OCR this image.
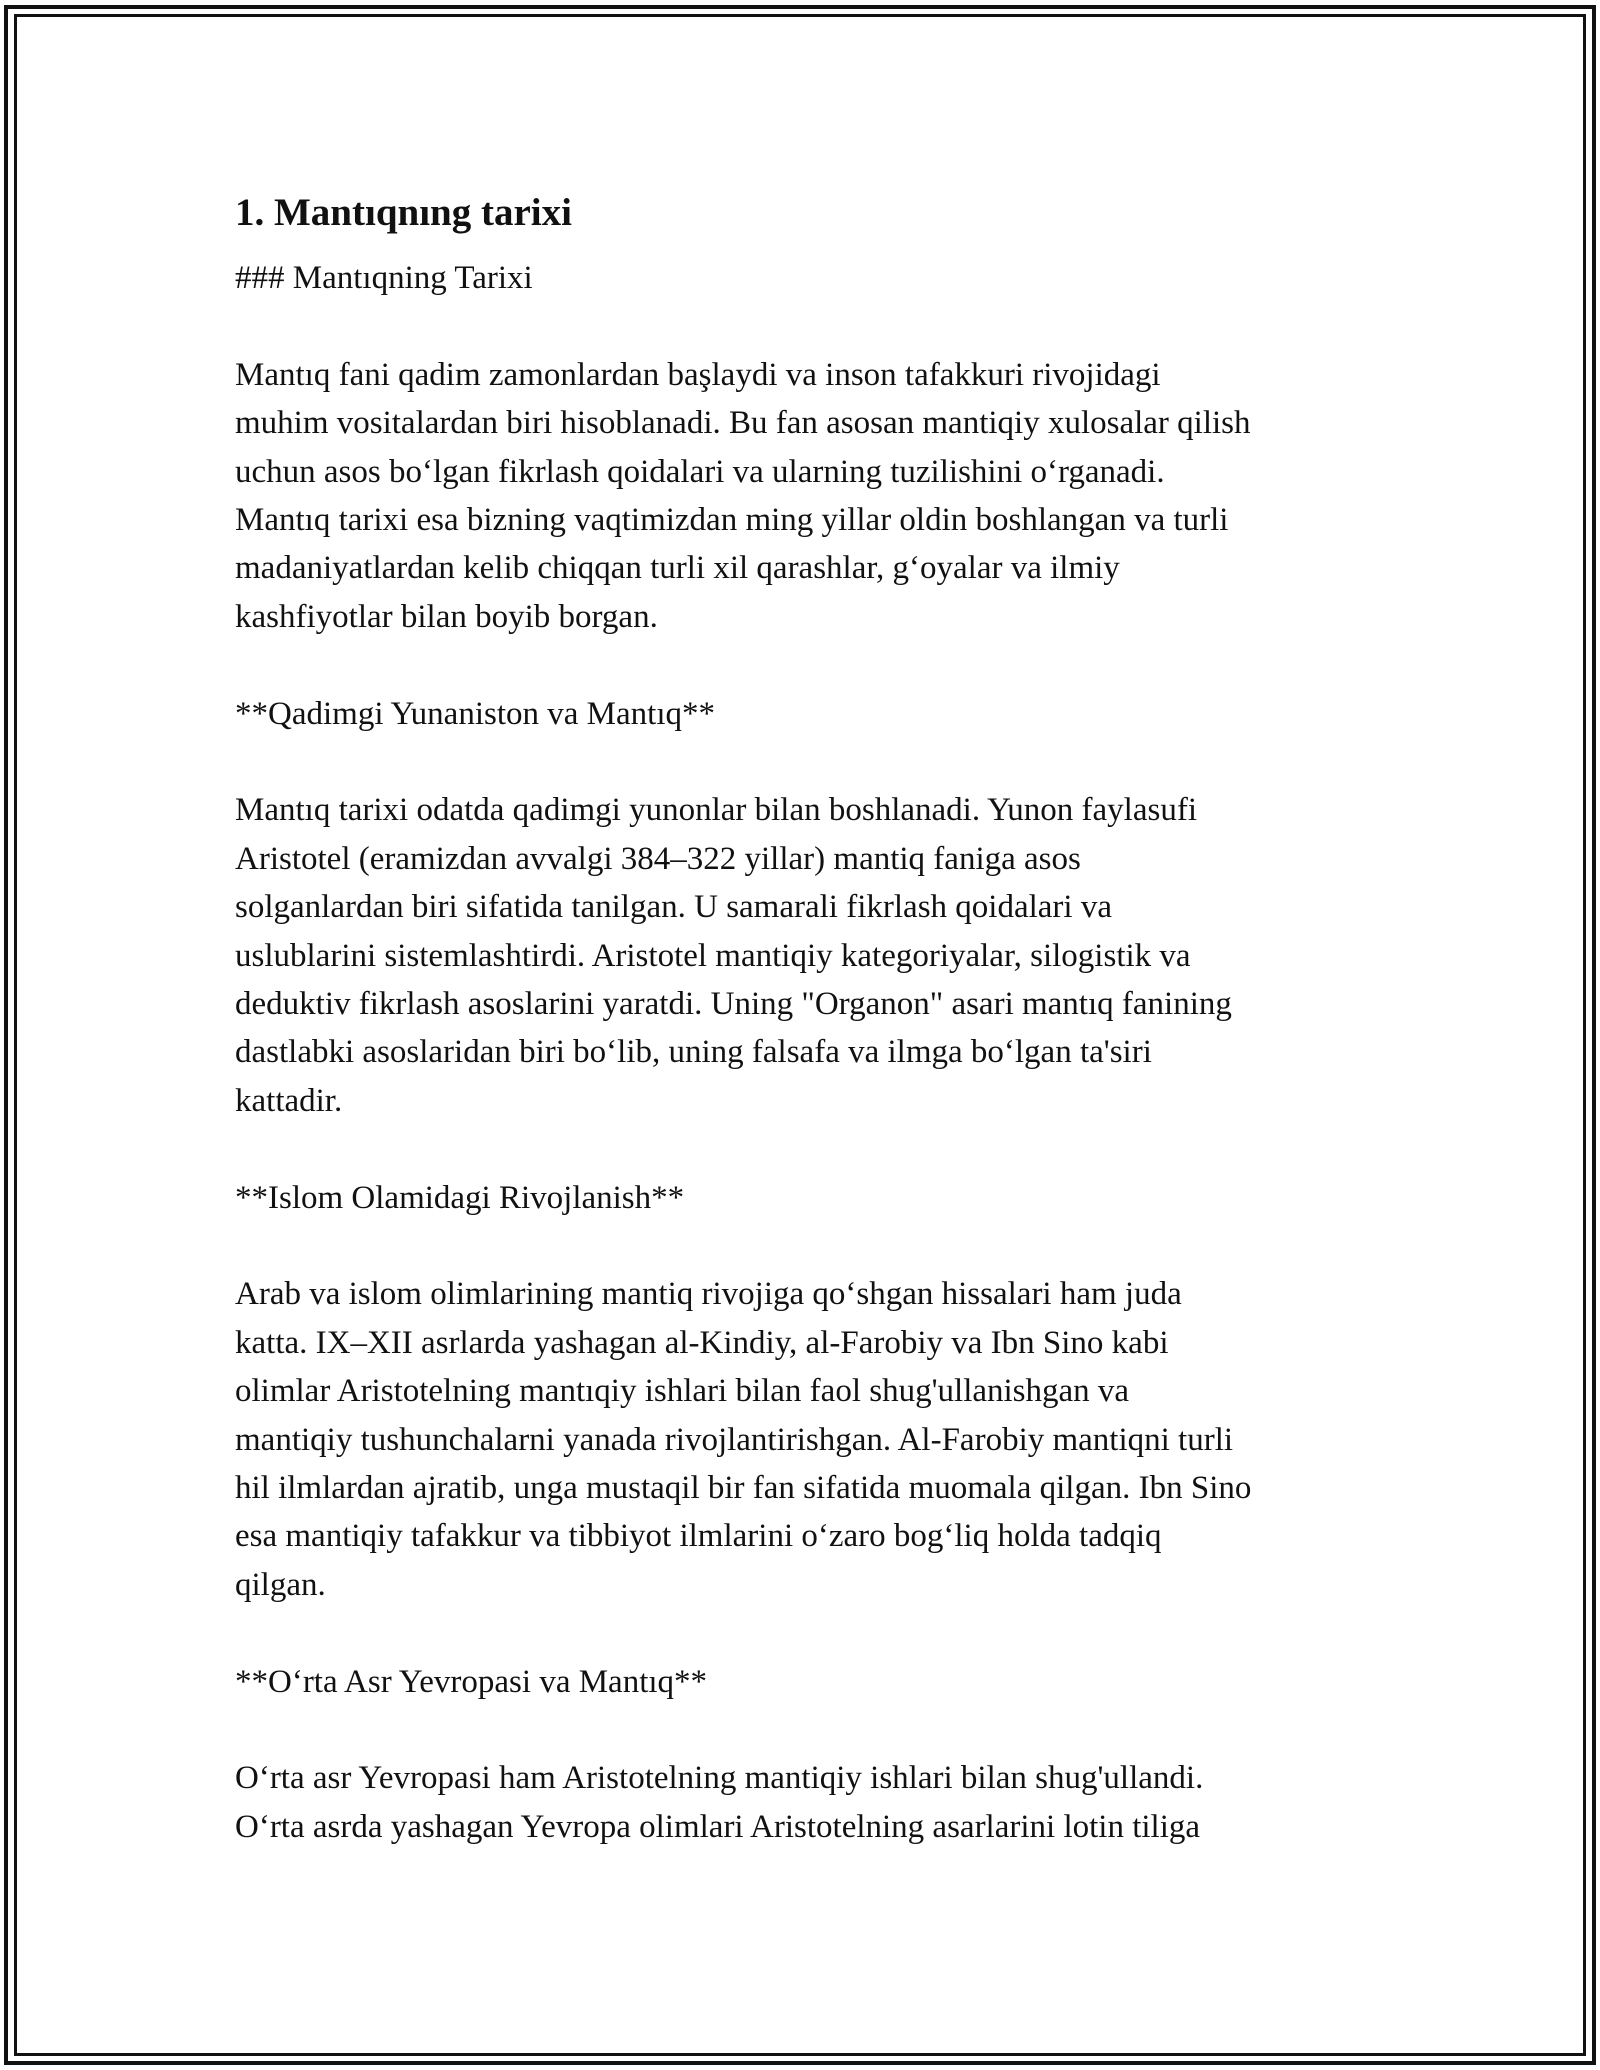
1. Mantıqnıng tarixi

### Mantıqning Tarixi

Mantıq fani qadim zamonlardan başlaydi va inson tafakkuri rivojidagi
muhim vositalardan biri hisoblanadi. Bu fan asosan mantiqiy xulosalar qilish
uchun asos boʻlgan fikrlash qoidalari va ularning tuzilishini oʻrganadi.
Mantıq tarixi esa bizning vaqtimizdan ming yillar oldin boshlangan va turli
madaniyatlardan kelib chiqqan turli xil qarashlar, gʻoyalar va ilmiy
kashfiyotlar bilan boyib borgan.

**Qadimgi Yunaniston va Mantıq**

Mantıq tarixi odatda qadimgi yunonlar bilan boshlanadi. Yunon faylasufi
Aristotel (eramizdan avvalgi 384–322 yillar) mantiq faniga asos
solganlardan biri sifatida tanilgan. U samarali fikrlash qoidalari va
uslublarini sistemlashtirdi. Aristotel mantiqiy kategoriyalar, silogistik va
deduktiv fikrlash asoslarini yaratdi. Uning "Organon" asari mantıq fanining
dastlabki asoslaridan biri boʻlib, uning falsafa va ilmga boʻlgan ta'siri
kattadir.

**Islom Olamidagi Rivojlanish**

Arab va islom olimlarining mantiq rivojiga qoʻshgan hissalari ham juda
katta. IX–XII asrlarda yashagan al-Kindiy, al-Farobiy va Ibn Sino kabi
olimlar Aristotelning mantıqiy ishlari bilan faol shug'ullanishgan va
mantiqiy tushunchalarni yanada rivojlantirishgan. Al-Farobiy mantiqni turli
hil ilmlardan ajratib, unga mustaqil bir fan sifatida muomala qilgan. Ibn Sino
esa mantiqiy tafakkur va tibbiyot ilmlarini oʻzaro bogʻliq holda tadqiq
qilgan.

**Oʻrta Asr Yevropasi va Mantıq**

Oʻrta asr Yevropasi ham Aristotelning mantiqiy ishlari bilan shug'ullandi.
Oʻrta asrda yashagan Yevropa olimlari Aristotelning asarlarini lotin tiliga
